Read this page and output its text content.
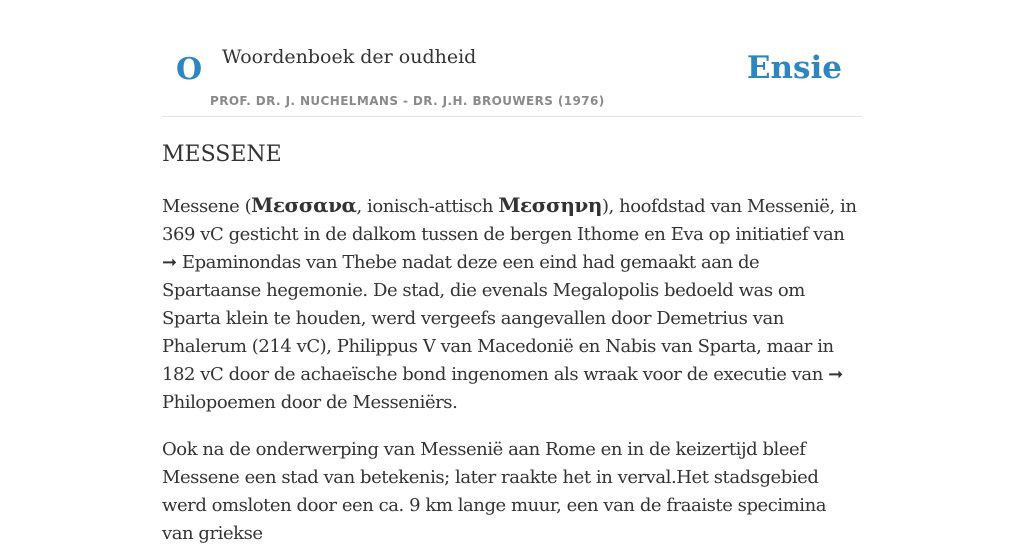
O Woordenboek der oudheid
PROF. DR. J. NUCHELMANS - DR. J.H. BROUWERS (1976)
Ensie
MESSENE

Messene (Μεσσανα, ionisch-attisch Μεσσηνη), hoofdstad van Messenië, in 369 vC gesticht in de dalkom tussen de bergen Ithome en Eva op initiatief van ➞ Epaminondas van Thebe nadat deze een eind had gemaakt aan de Spartaanse hegemonie. De stad, die evenals Megalopolis bedoeld was om Sparta klein te houden, werd vergeefs aangevallen door Demetrius van Phalerum (214 vC), Philippus V van Macedonië en Nabis van Sparta, maar in 182 vC door de achaeïsche bond ingenomen als wraak voor de executie van ➞ Philopoemen door de Messeniërs.

Ook na de onderwerping van Messenië aan Rome en in de keizertijd bleef Messene een stad van betekenis; later raakte het in verval.Het stadsgebied werd omsloten door een ca. 9 km lange muur, een van de fraaiste specimina van griekse
